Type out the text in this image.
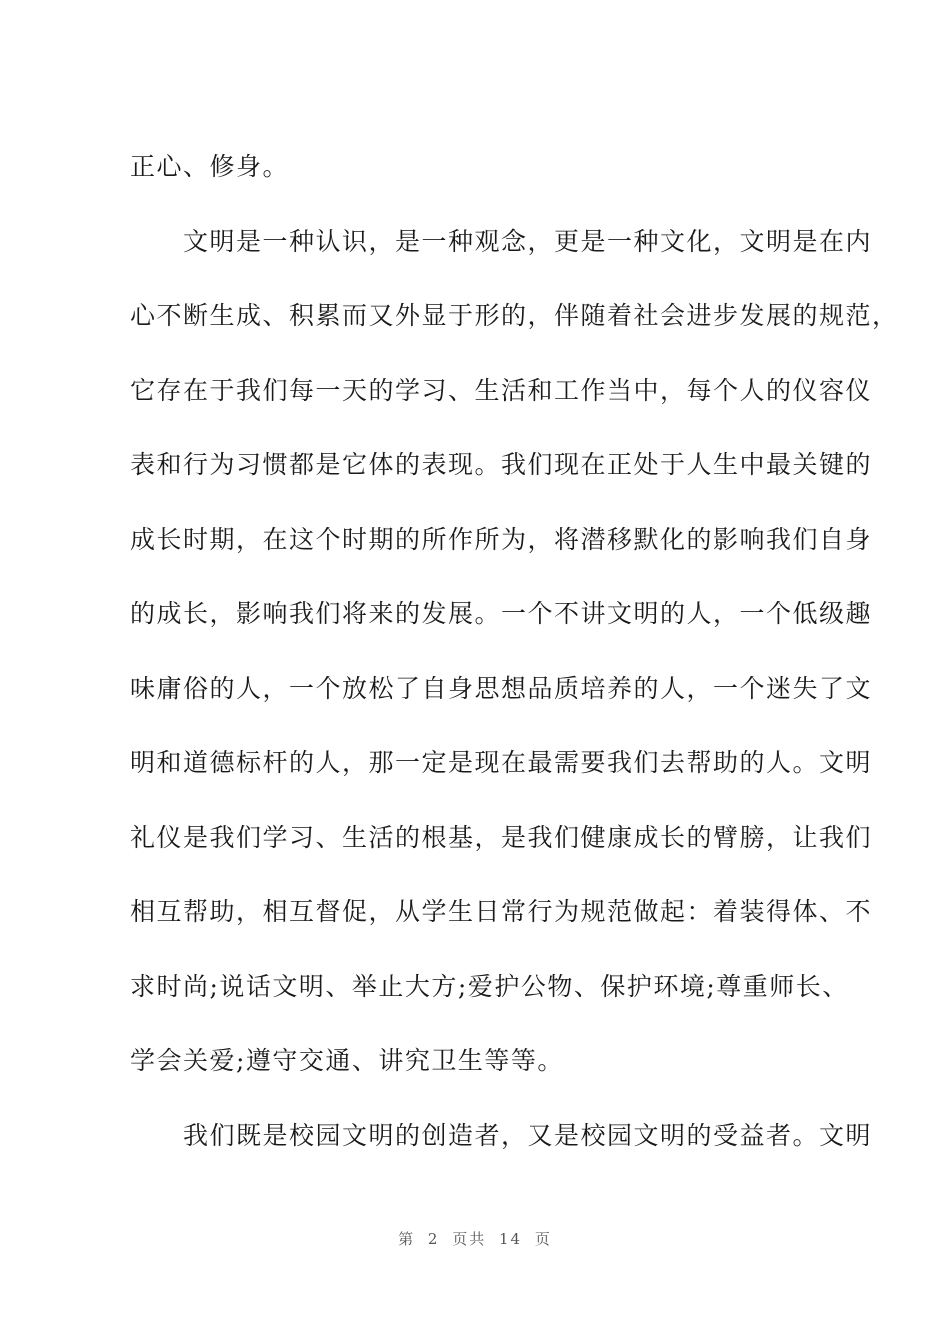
正心、修身。
　　文明是一种认识，是一种观念，更是一种文化，文明是在内
心不断生成、积累而又外显于形的，伴随着社会进步发展的规范，
它存在于我们每一天的学习、生活和工作当中，每个人的仪容仪
表和行为习惯都是它体的表现。我们现在正处于人生中最关键的
成长时期，在这个时期的所作所为，将潜移默化的影响我们自身
的成长，影响我们将来的发展。一个不讲文明的人，一个低级趣
味庸俗的人，一个放松了自身思想品质培养的人，一个迷失了文
明和道德标杆的人，那一定是现在最需要我们去帮助的人。文明
礼仪是我们学习、生活的根基，是我们健康成长的臂膀，让我们
相互帮助，相互督促，从学生日常行为规范做起：着装得体、不
求时尚;说话文明、举止大方;爱护公物、保护环境;尊重师长、
学会关爱;遵守交通、讲究卫生等等。
　　我们既是校园文明的创造者，又是校园文明的受益者。文明
第 2 页共 14 页
